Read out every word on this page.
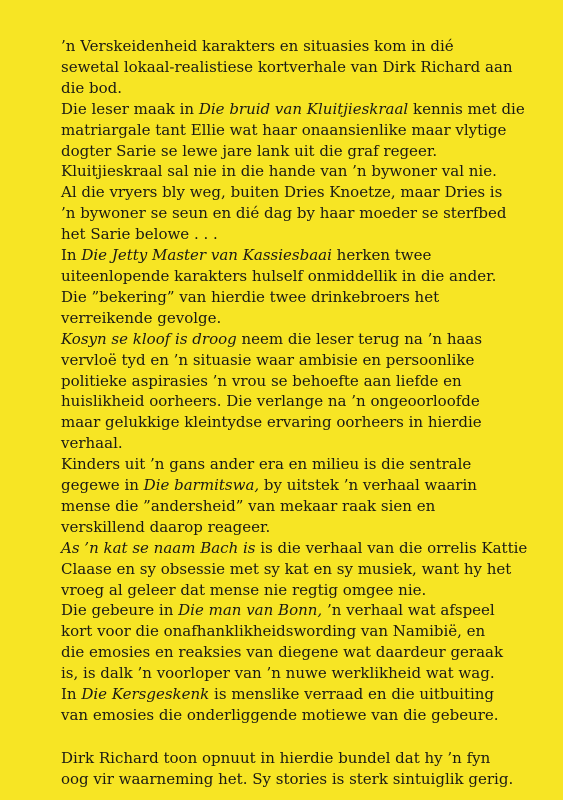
’n Verskeidenheid karakters en situasies kom in dié
sewetal lokaal-realistiese kortverhale van Dirk Richard aan
die bod.
Die leser maak in Die bruid van Kluitjieskraal kennis met die
matriargale tant Ellie wat haar onaansienlike maar vlytige
dogter Sarie se lewe jare lank uit die graf regeer.
Kluitjieskraal sal nie in die hande van ’n bywoner val nie.
Al die vryers bly weg, buiten Dries Knoetze, maar Dries is
’n bywoner se seun en dié dag by haar moeder se sterfbed
het Sarie belowe . . .
In Die Jetty Master van Kassiesbaai herken twee
uiteenlopende karakters hulself onmiddellik in die ander.
Die ”bekering” van hierdie twee drinkebroers het
verreikende gevolge.
Kosyn se kloof is droog neem die leser terug na ’n haas
vervloë tyd en ’n situasie waar ambisie en persoonlike
politieke aspirasies ’n vrou se behoefte aan liefde en
huislikheid oorheers. Die verlange na ’n ongeoorloofde
maar gelukkige kleintydse ervaring oorheers in hierdie
verhaal.
Kinders uit ’n gans ander era en milieu is die sentrale
gegewe in Die barmitswa, by uitstek ’n verhaal waarin
mense die ”andersheid” van mekaar raak sien en
verskillend daarop reageer.
As ’n kat se naam Bach is is die verhaal van die orrelis Kattie
Claase en sy obsessie met sy kat en sy musiek, want hy het
vroeg al geleer dat mense nie regtig omgee nie.
Die gebeure in Die man van Bonn, ’n verhaal wat afspeel
kort voor die onafhanklikheidswording van Namibië, en
die emosies en reaksies van diegene wat daardeur geraak
is, is dalk ’n voorloper van ’n nuwe werklikheid wat wag.
In Die Kersgeskenk is menslike verraad en die uitbuiting
van emosies die onderliggende motiewe van die gebeure.
Dirk Richard toon opnuut in hierdie bundel dat hy ’n fyn
oog vir waarneming het. Sy stories is sterk sintuiglik gerig.
